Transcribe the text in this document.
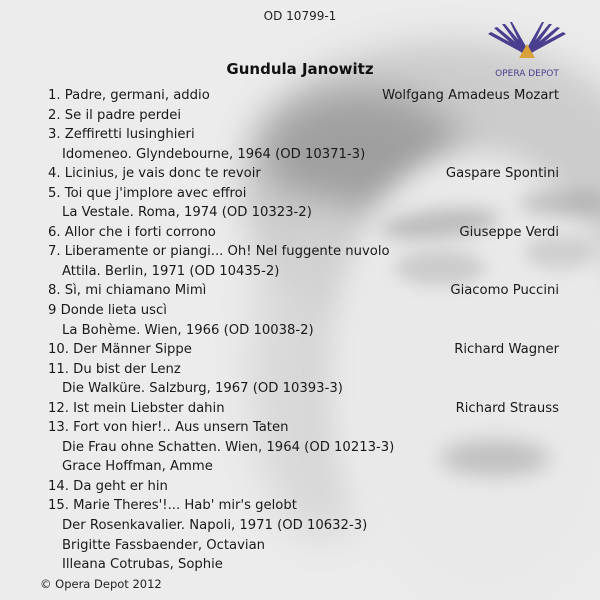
OD 10799-1
Gundula Janowitz	OPERA DEPOT
1. Padre, germani, addio	Wolfgang Amadeus Mozart
2. Se il padre perdei
3. Zeffiretti lusinghieri
Idomeneo. Glyndebourne, 1964 (OD 10371-3)
4. Licinius, je vais donc te revoir	Gaspare Spontini
5. Toi que j'implore avec effroi
La Vestale. Roma, 1974 (OD 10323-2)
6. Allor che i forti corrono	Giuseppe Verdi
7. Liberamente or piangi... Oh! Nel fuggente nuvolo
Attila. Berlin, 1971 (OD 10435-2)
8. Sì, mi chiamano Mimì	Giacomo Puccini
9 Donde lieta uscì
La Bohème. Wien, 1966 (OD 10038-2)
10. Der Männer Sippe	Richard Wagner
11. Du bist der Lenz
Die Walküre. Salzburg, 1967 (OD 10393-3)
12. Ist mein Liebster dahin	Richard Strauss
13. Fort von hier!.. Aus unsern Taten
Die Frau ohne Schatten. Wien, 1964 (OD 10213-3)
Grace Hoffman, Amme
14. Da geht er hin
15. Marie Theres'!... Hab' mir's gelobt
Der Rosenkavalier. Napoli, 1971 (OD 10632-3)
Brigitte Fassbaender, Octavian
Illeana Cotrubas, Sophie
© Opera Depot 2012
